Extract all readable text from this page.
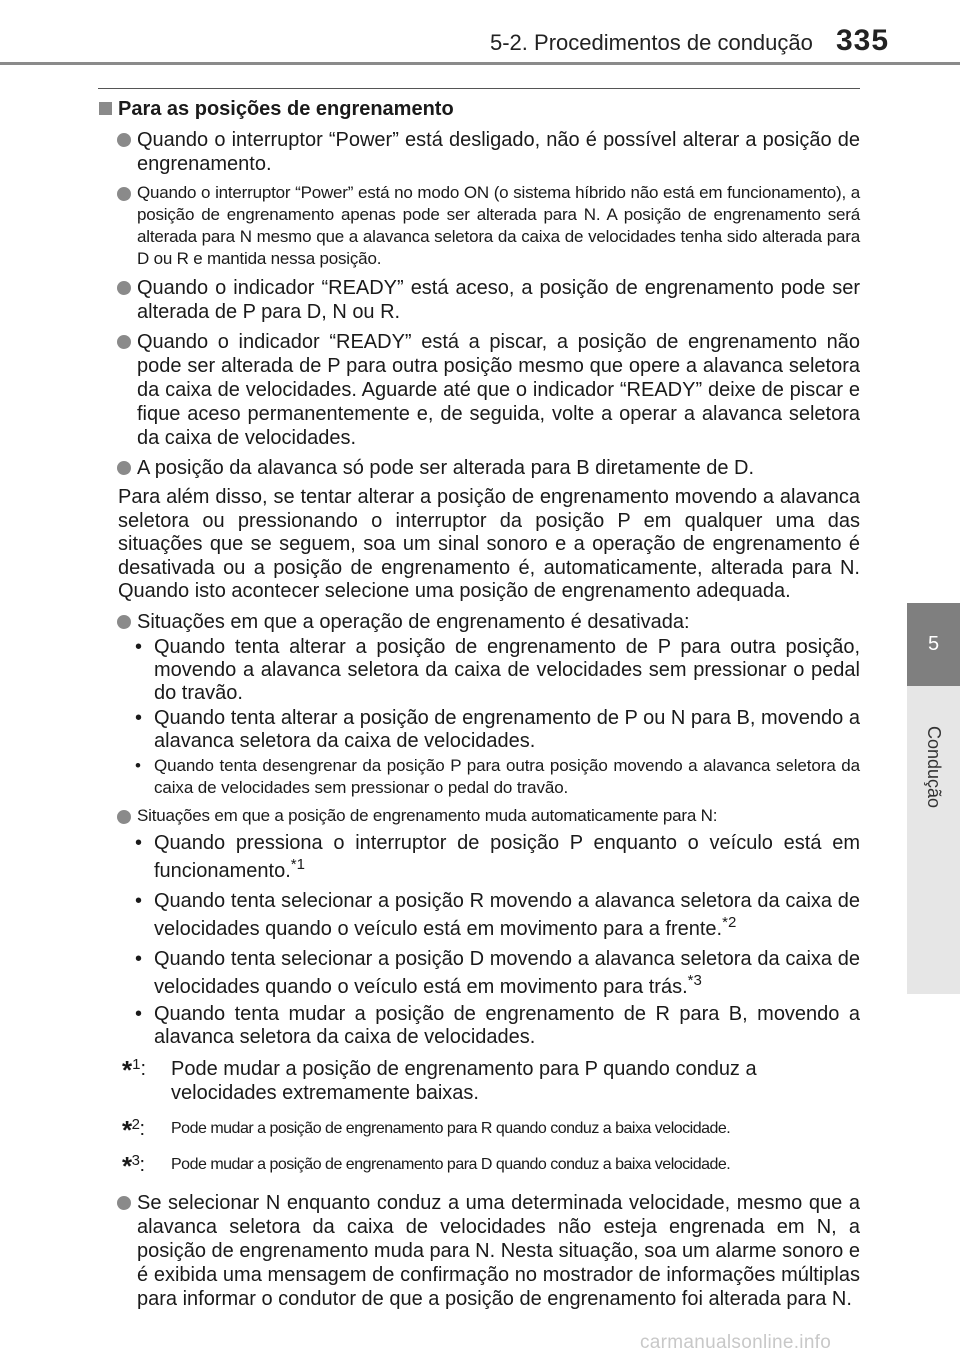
5-2. Procedimentos de condução 335
5
Condução
Para as posições de engrenamento
Quando o interruptor “Power” está desligado, não é possível alterar a posição de engrenamento.
Quando o interruptor “Power” está no modo ON (o sistema híbrido não está em funcionamento), a posição de engrenamento apenas pode ser alterada para N. A posição de engrenamento será alterada para N mesmo que a alavanca seletora da caixa de velocidades tenha sido alterada para D ou R e mantida nessa posição.
Quando o indicador “READY” está aceso, a posição de engrenamento pode ser alterada de P para D, N ou R.
Quando o indicador “READY” está a piscar, a posição de engrenamento não pode ser alterada de P para outra posição mesmo que opere a alavanca seletora da caixa de velocidades. Aguarde até que o indicador “READY” deixe de piscar e fique aceso permanentemente e, de seguida, volte a operar a alavanca seletora da caixa de velocidades.
A posição da alavanca só pode ser alterada para B diretamente de D.
Para além disso, se tentar alterar a posição de engrenamento movendo a alavanca seletora ou pressionando o interruptor da posição P em qualquer uma das situações que se seguem, soa um sinal sonoro e a operação de engrenamento é desativada ou a posição de engrenamento é, automaticamente, alterada para N. Quando isto acontecer selecione uma posição de engrenamento adequada.
Situações em que a operação de engrenamento é desativada:
• Quando tenta alterar a posição de engrenamento de P para outra posição, movendo a alavanca seletora da caixa de velocidades sem pressionar o pedal do travão.
• Quando tenta alterar a posição de engrenamento de P ou N para B, movendo a alavanca seletora da caixa de velocidades.
• Quando tenta desengrenar da posição P para outra posição movendo a alavanca seletora da caixa de velocidades sem pressionar o pedal do travão.
Situações em que a posição de engrenamento muda automaticamente para N:
• Quando pressiona o interruptor de posição P enquanto o veículo está em funcionamento.$^{*1}$
• Quando tenta selecionar a posição R movendo a alavanca seletora da caixa de velocidades quando o veículo está em movimento para a frente.$^{*2}$
• Quando tenta selecionar a posição D movendo a alavanca seletora da caixa de velocidades quando o veículo está em movimento para trás.$^{*3}$
• Quando tenta mudar a posição de engrenamento de R para B, movendo a alavanca seletora da caixa de velocidades.
*$^1$: Pode mudar a posição de engrenamento para P quando conduz a velocidades extremamente baixas.
*$^2$: Pode mudar a posição de engrenamento para R quando conduz a baixa velocidade.
*$^3$: Pode mudar a posição de engrenamento para D quando conduz a baixa velocidade.
Se selecionar N enquanto conduz a uma determinada velocidade, mesmo que a alavanca seletora da caixa de velocidades não esteja engrenada em N, a posição de engrenamento muda para N. Nesta situação, soa um alarme sonoro e é exibida uma mensagem de confirmação no mostrador de informações múltiplas para informar o condutor de que a posição de engrenamento foi alterada para N.
carmanualsonline.info
